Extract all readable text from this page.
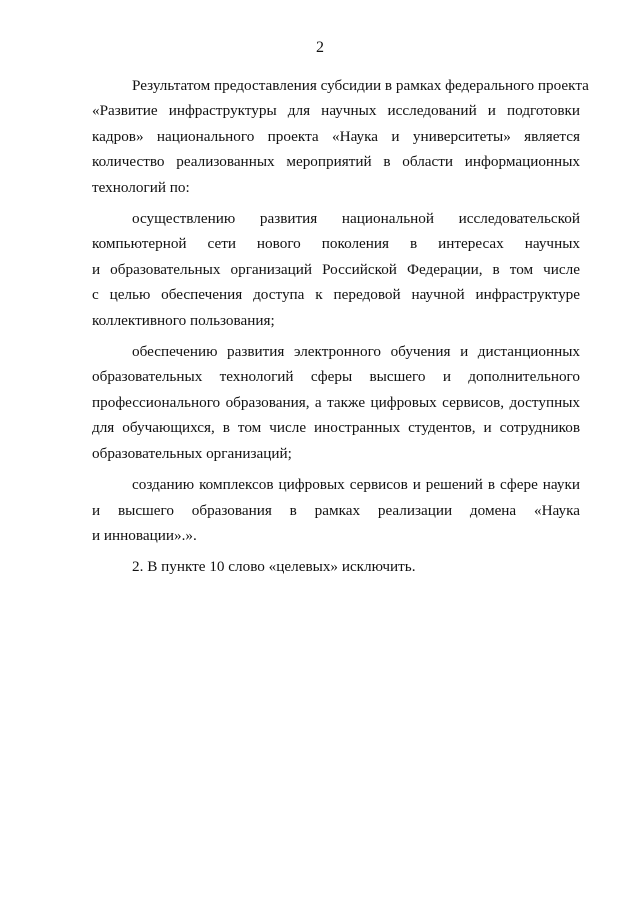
2

Результатом предоставления субсидии в рамках федерального проекта
«Развитие инфраструктуры для научных исследований и подготовки
кадров» национального проекта «Наука и университеты» является
количество реализованных мероприятий в области информационных
технологий по:

осуществлению развития национальной исследовательской
компьютерной сети нового поколения в интересах научных
и образовательных организаций Российской Федерации, в том числе
с целью обеспечения доступа к передовой научной инфраструктуре
коллективного пользования;

обеспечению развития электронного обучения и дистанционных
образовательных технологий сферы высшего и дополнительного
профессионального образования, а также цифровых сервисов, доступных
для обучающихся, в том числе иностранных студентов, и сотрудников
образовательных организаций;

созданию комплексов цифровых сервисов и решений в сфере науки
и высшего образования в рамках реализации домена «Наука
и инновации».».

2. В пункте 10 слово «целевых» исключить.
